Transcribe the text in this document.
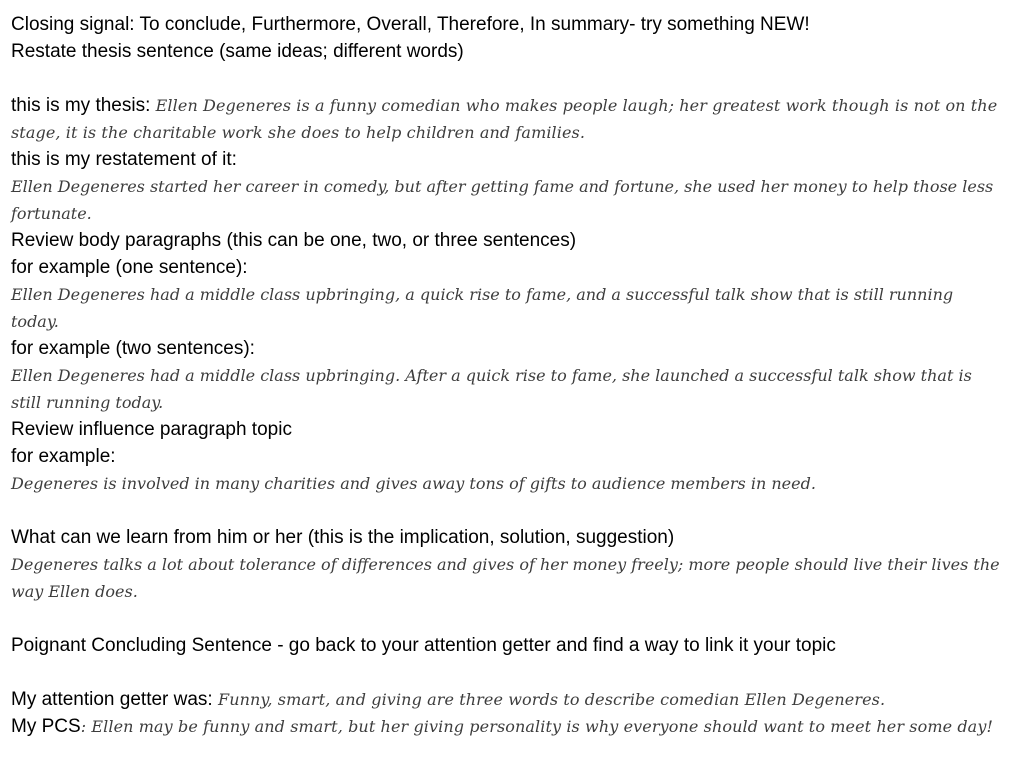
Closing signal: To conclude, Furthermore, Overall, Therefore, In summary- try something NEW!
Restate thesis sentence (same ideas; different words)
this is my thesis: Ellen Degeneres is a funny comedian who makes people laugh; her greatest work though is not on the stage, it is the charitable work she does to help children and families.
this is my restatement of it:
Ellen Degeneres started her career in comedy, but after getting fame and fortune, she used her money to help those less fortunate.
Review body paragraphs (this can be one, two, or three sentences)
for example (one sentence):
Ellen Degeneres had a middle class upbringing, a quick rise to fame, and a successful talk show that is still running today.
for example (two sentences):
Ellen Degeneres had a middle class upbringing. After a quick rise to fame, she launched a successful talk show that is still running today.
Review influence paragraph topic
for example:
Degeneres is involved in many charities and gives away tons of gifts to audience members in need.
What can we learn from him or her (this is the implication, solution, suggestion)
Degeneres talks a lot about tolerance of differences and gives of her money freely; more people should live their lives the way Ellen does.
Poignant Concluding Sentence - go back to your attention getter and find a way to link it your topic
My attention getter was: Funny, smart, and giving are three words to describe comedian Ellen Degeneres.
My PCS: Ellen may be funny and smart, but her giving personality is why everyone should want to meet her some day!
